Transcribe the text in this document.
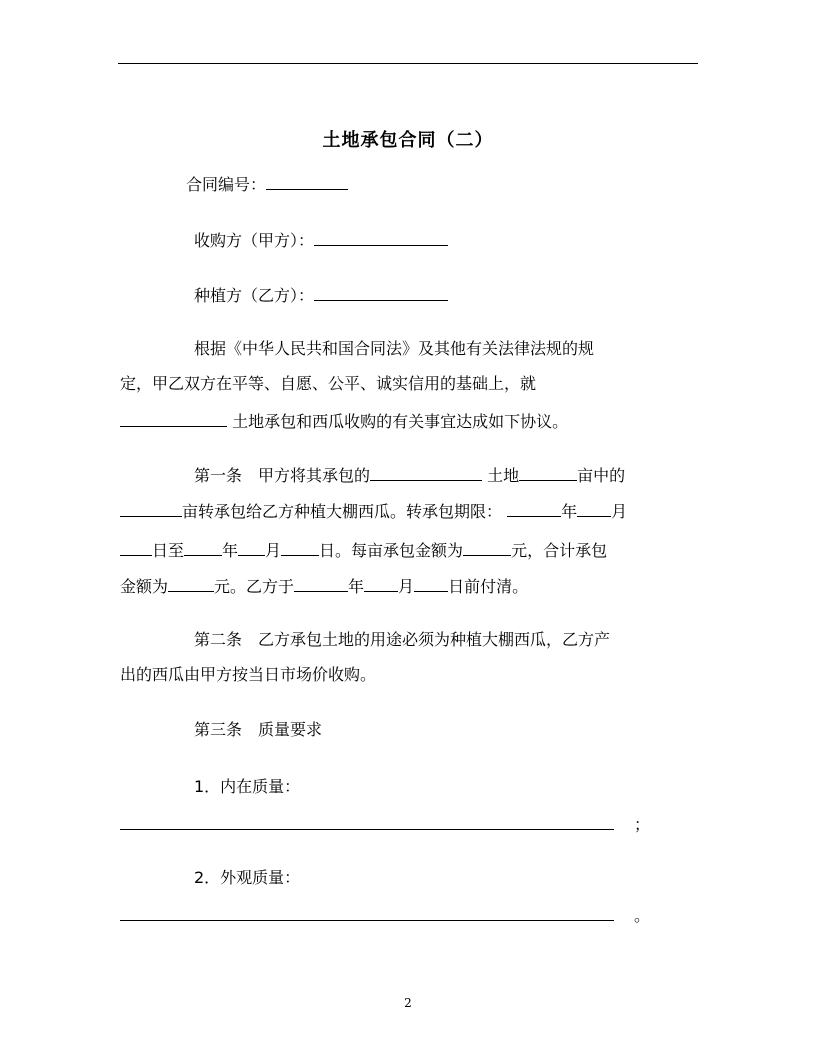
土地承包合同（二）
合同编号：
收购方（甲方）：
种植方（乙方）：
根据《中华人民共和国合同法》及其他有关法律法规的规
定，甲乙双方在平等、自愿、公平、诚实信用的基础上，就
土地承包和西瓜收购的有关事宜达成如下协议。
第一条　甲方将其承包的	土地	亩中的
亩转承包给乙方种植大棚西瓜。转承包期限：	年 月
日至 年 月 日。每亩承包金额为	元，合计承包
金额为	元。乙方于	年 月 日前付清。
第二条　乙方承包土地的用途必须为种植大棚西瓜，乙方产
出的西瓜由甲方按当日市场价收购。
第三条　质量要求
1．内在质量：
；
2．外观质量：
。
2
